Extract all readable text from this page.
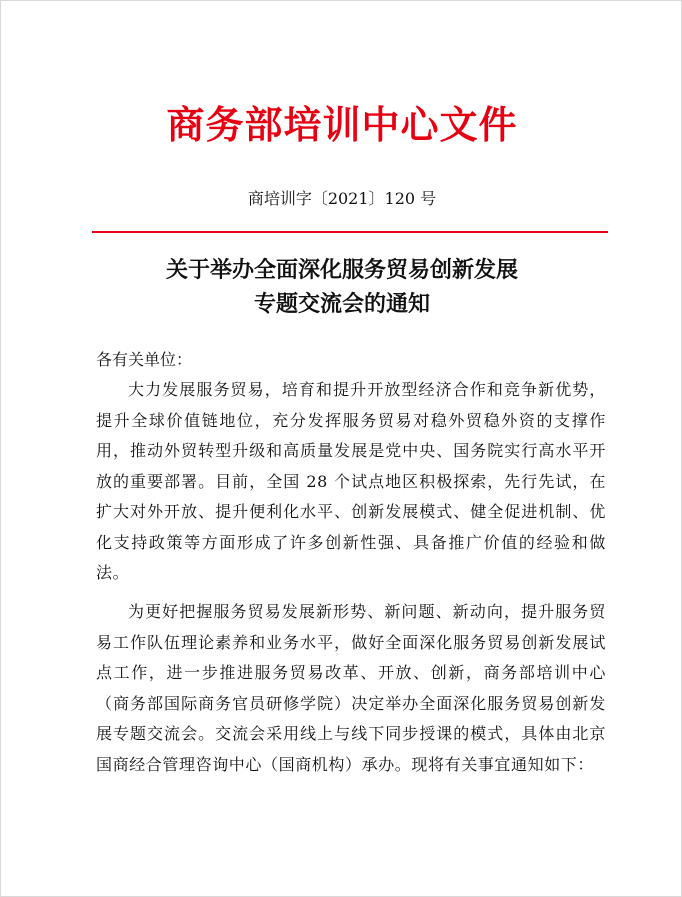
商务部培训中心文件
商培训字〔2021〕120 号
关于举办全面深化服务贸易创新发展
专题交流会的通知
各有关单位：
大力发展服务贸易，培育和提升开放型经济合作和竞争新优势，提升全球价值链地位，充分发挥服务贸易对稳外贸稳外资的支撑作用，推动外贸转型升级和高质量发展是党中央、国务院实行高水平开放的重要部署。目前，全国 28 个试点地区积极探索，先行先试，在扩大对外开放、提升便利化水平、创新发展模式、健全促进机制、优化支持政策等方面形成了许多创新性强、具备推广价值的经验和做法。
为更好把握服务贸易发展新形势、新问题、新动向，提升服务贸易工作队伍理论素养和业务水平，做好全面深化服务贸易创新发展试点工作，进一步推进服务贸易改革、开放、创新，商务部培训中心（商务部国际商务官员研修学院）决定举办全面深化服务贸易创新发展专题交流会。交流会采用线上与线下同步授课的模式，具体由北京国商经合管理咨询中心（国商机构）承办。现将有关事宜通知如下：
